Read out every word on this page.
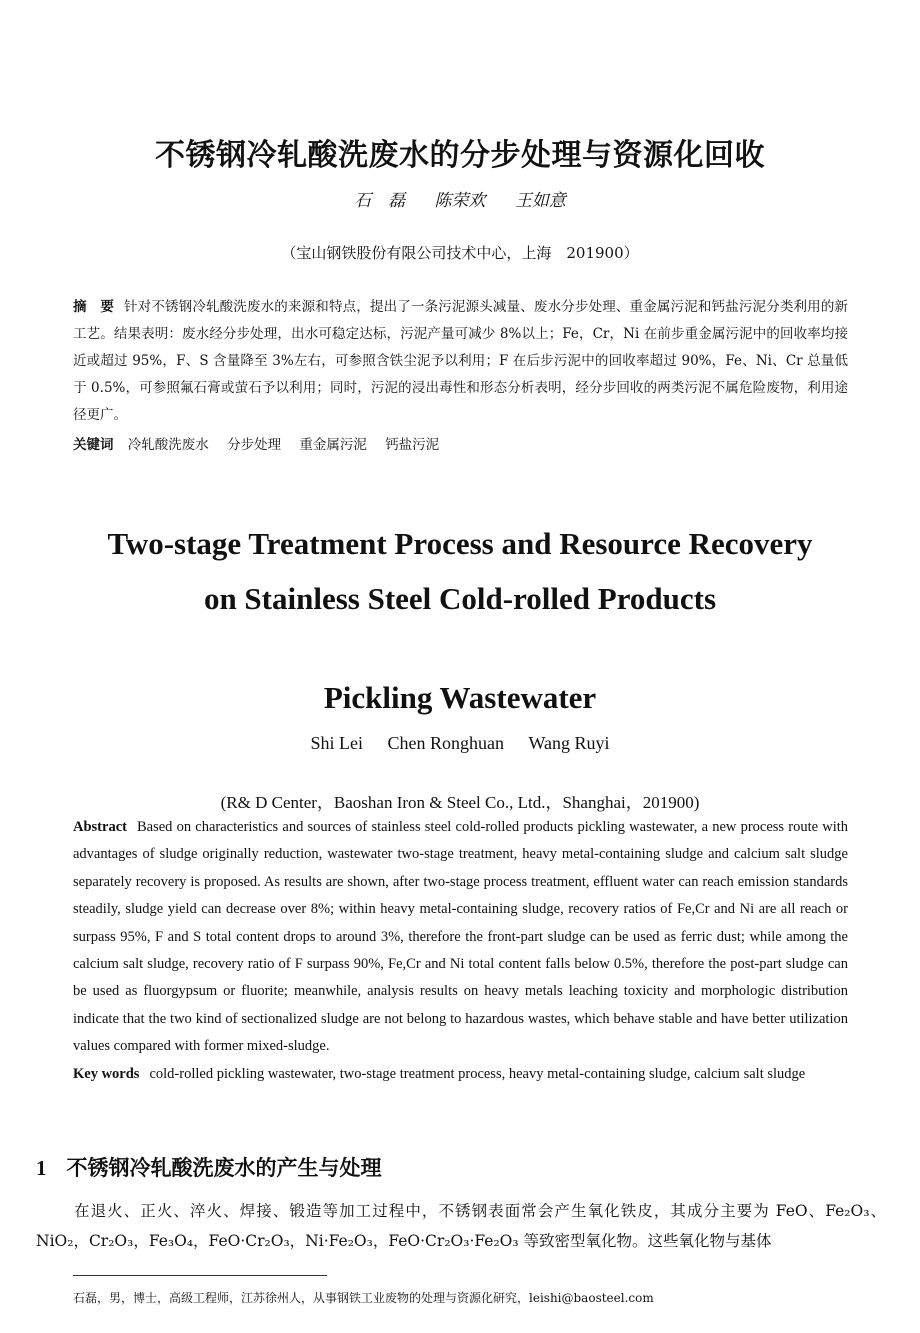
不锈钢冷轧酸洗废水的分步处理与资源化回收
石　磊 陈荣欢 王如意
（宝山钢铁股份有限公司技术中心，上海　201900）
摘　要 针对不锈钢冷轧酸洗废水的来源和特点，提出了一条污泥源头减量、废水分步处理、重金属污泥和钙盐污泥分类利用的新工艺。结果表明：废水经分步处理，出水可稳定达标，污泥产量可减少 8%以上；Fe，Cr，Ni 在前步重金属污泥中的回收率均接近或超过 95%，F、S 含量降至 3%左右，可参照含铁尘泥予以利用；F 在后步污泥中的回收率超过 90%，Fe、Ni、Cr 总量低于 0.5%，可参照氟石膏或萤石予以利用；同时，污泥的浸出毒性和形态分析表明，经分步回收的两类污泥不属危险废物，利用途径更广。
关键词 冷轧酸洗废水 分步处理 重金属污泥 钙盐污泥
Two-stage Treatment Process and Resource Recovery
on Stainless Steel Cold-rolled Products
Pickling Wastewater
Shi Lei Chen Ronghuan Wang Ruyi
(R& D Center，Baoshan Iron & Steel Co., Ltd.，Shanghai，201900)
Abstract Based on characteristics and sources of stainless steel cold-rolled products pickling wastewater, a new process route with advantages of sludge originally reduction, wastewater two-stage treatment, heavy metal-containing sludge and calcium salt sludge separately recovery is proposed. As results are shown, after two-stage process treatment, effluent water can reach emission standards steadily, sludge yield can decrease over 8%; within heavy metal-containing sludge, recovery ratios of Fe,Cr and Ni are all reach or surpass 95%, F and S total content drops to around 3%, therefore the front-part sludge can be used as ferric dust; while among the calcium salt sludge, recovery ratio of F surpass 90%, Fe,Cr and Ni total content falls below 0.5%, therefore the post-part sludge can be used as fluorgypsum or fluorite; meanwhile, analysis results on heavy metals leaching toxicity and morphologic distribution indicate that the two kind of sectionalized sludge are not belong to hazardous wastes, which behave stable and have better utilization values compared with former mixed-sludge.
Key words cold-rolled pickling wastewater, two-stage treatment process, heavy metal-containing sludge, calcium salt sludge
1 不锈钢冷轧酸洗废水的产生与处理
在退火、正火、淬火、焊接、锻造等加工过程中，不锈钢表面常会产生氧化铁皮，其成分主要为 FeO、Fe₂O₃、NiO₂，Cr₂O₃，Fe₃O₄，FeO·Cr₂O₃，Ni·Fe₂O₃，FeO·Cr₂O₃·Fe₂O₃ 等致密型氧化物。这些氧化物与基体
石磊，男，博士，高级工程师，江苏徐州人，从事钢铁工业废物的处理与资源化研究，leishi@baosteel.com
